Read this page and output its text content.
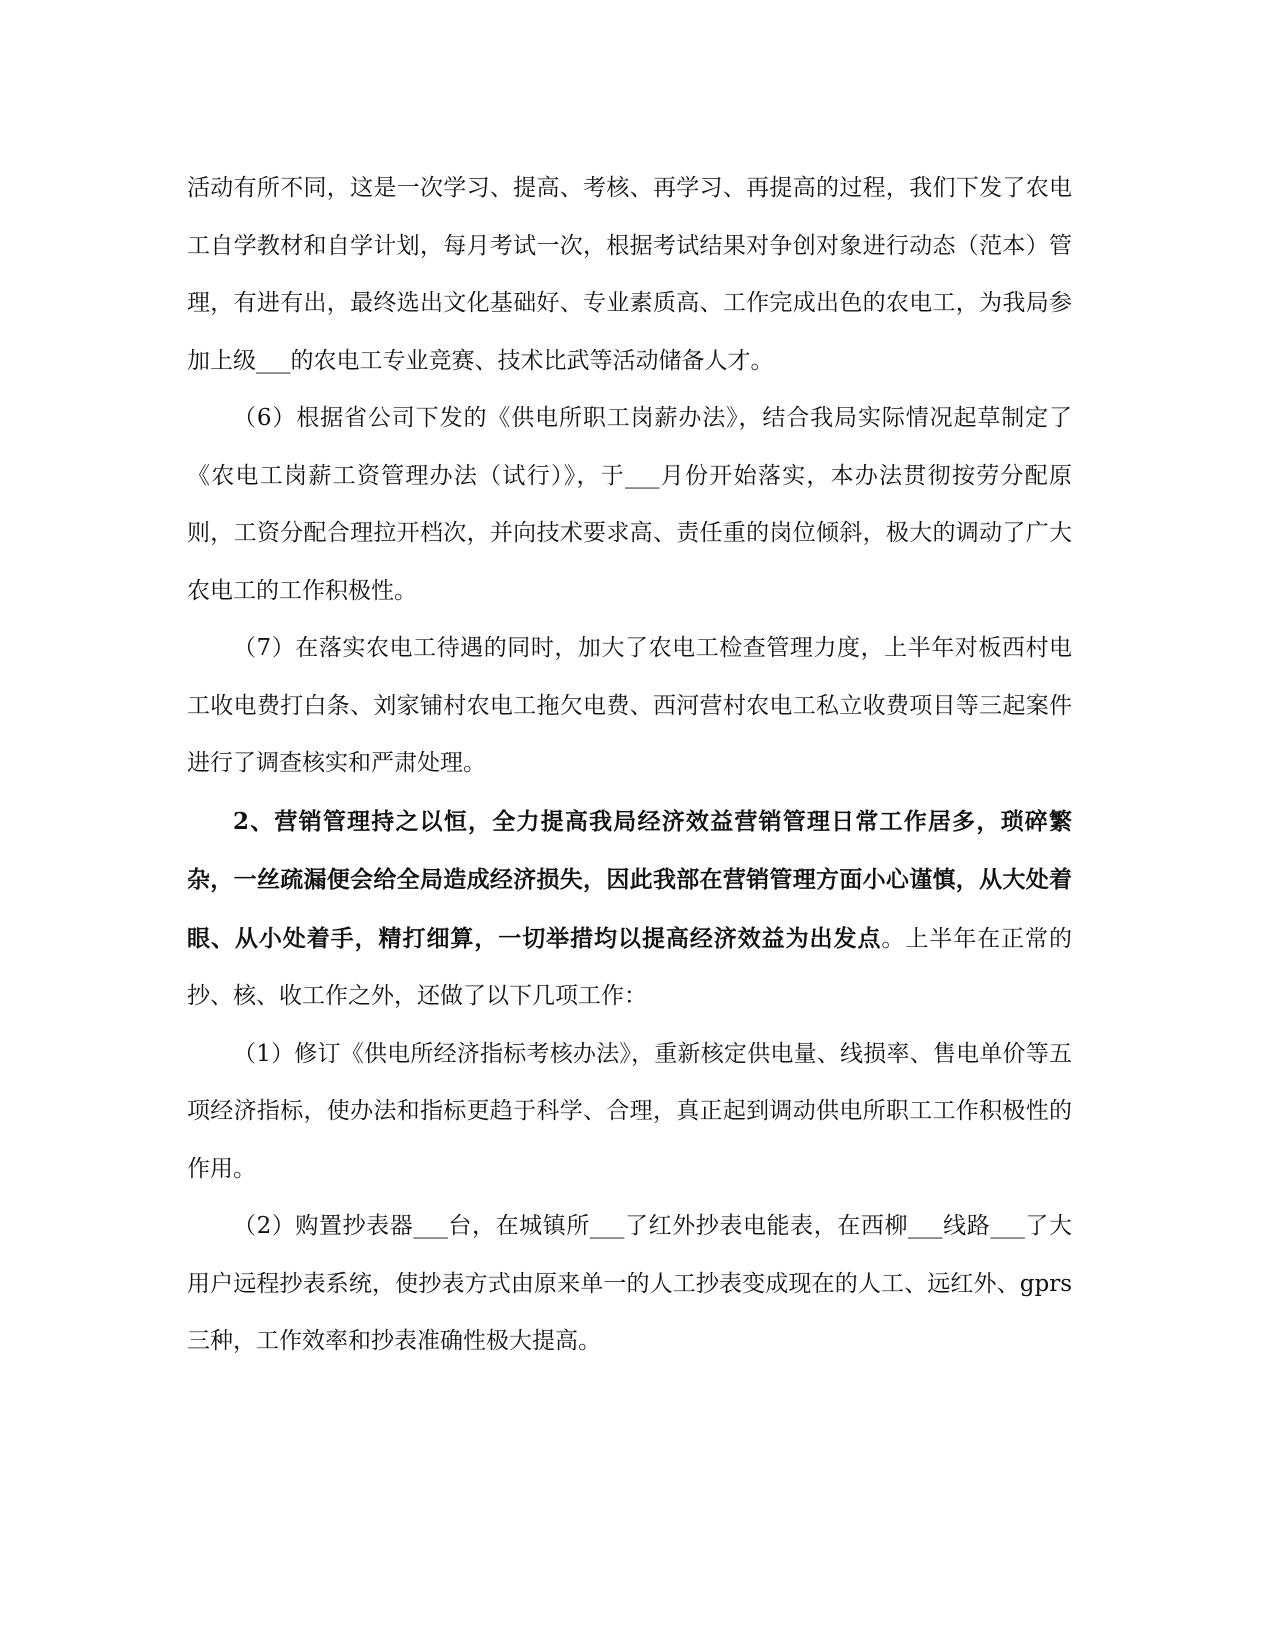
活动有所不同，这是一次学习、提高、考核、再学习、再提高的过程，我们下发了农电工自学教材和自学计划，每月考试一次，根据考试结果对争创对象进行动态（范本）管理，有进有出，最终选出文化基础好、专业素质高、工作完成出色的农电工，为我局参加上级___的农电工专业竞赛、技术比武等活动储备人才。

（6）根据省公司下发的《供电所职工岗薪办法》，结合我局实际情况起草制定了《农电工岗薪工资管理办法（试行）》，于___月份开始落实，本办法贯彻按劳分配原则，工资分配合理拉开档次，并向技术要求高、责任重的岗位倾斜，极大的调动了广大农电工的工作积极性。

（7）在落实农电工待遇的同时，加大了农电工检查管理力度，上半年对板西村电工收电费打白条、刘家铺村农电工拖欠电费、西河营村农电工私立收费项目等三起案件进行了调查核实和严肃处理。

2、营销管理持之以恒，全力提高我局经济效益营销管理日常工作居多，琐碎繁杂，一丝疏漏便会给全局造成经济损失，因此我部在营销管理方面小心谨慎，从大处着眼、从小处着手，精打细算，一切举措均以提高经济效益为出发点。上半年在正常的抄、核、收工作之外，还做了以下几项工作：

（1）修订《供电所经济指标考核办法》，重新核定供电量、线损率、售电单价等五项经济指标，使办法和指标更趋于科学、合理，真正起到调动供电所职工工作积极性的作用。

（2）购置抄表器___台，在城镇所___了红外抄表电能表，在西柳___线路___了大用户远程抄表系统，使抄表方式由原来单一的人工抄表变成现在的人工、远红外、gprs三种，工作效率和抄表准确性极大提高。
